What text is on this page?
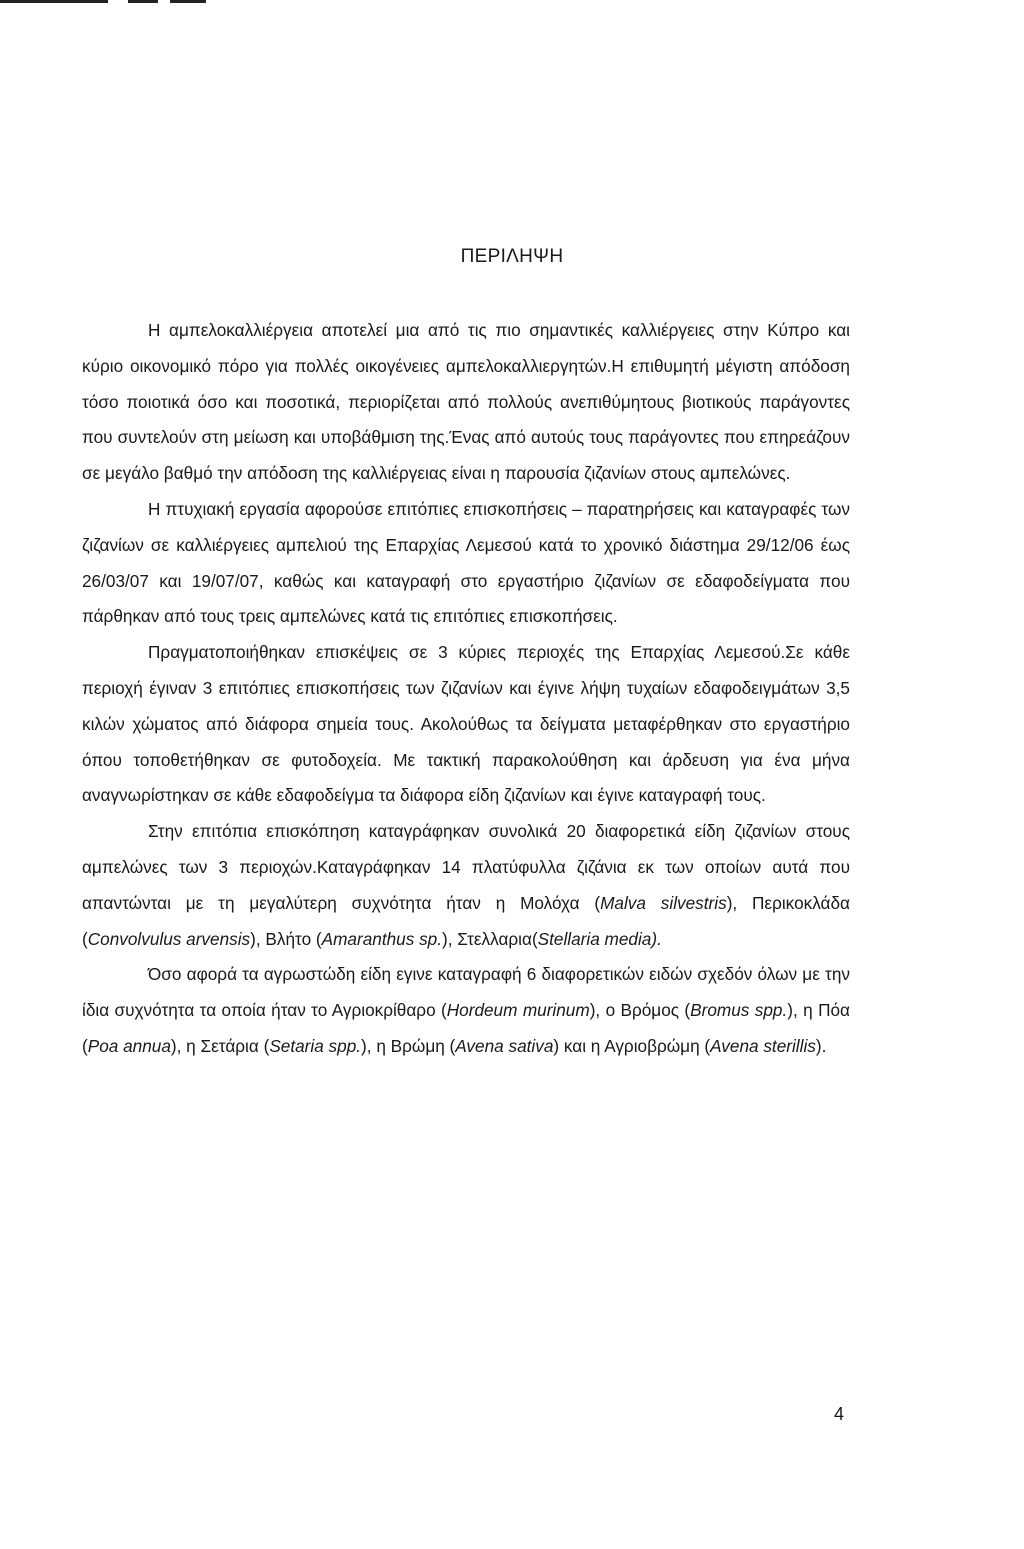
ΠΕΡΙΛΗΨΗ

Η αμπελοκαλλιέργεια αποτελεί μια από τις πιο σημαντικές καλλιέργειες στην Κύπρο και κύριο οικονομικό πόρο για πολλές οικογένειες αμπελοκαλλιεργητών.Η επιθυμητή μέγιστη απόδοση τόσο ποιοτικά όσο και ποσοτικά, περιορίζεται από πολλούς ανεπιθύμητους βιοτικούς παράγοντες που συντελούν στη μείωση και υποβάθμιση της.Ένας από αυτούς τους παράγοντες που επηρεάζουν σε μεγάλο βαθμό την απόδοση της καλλιέργειας είναι η παρουσία ζιζανίων στους αμπελώνες.

Η πτυχιακή εργασία αφορούσε επιτόπιες επισκοπήσεις – παρατηρήσεις και καταγραφές των ζιζανίων σε καλλιέργειες αμπελιού της Επαρχίας Λεμεσού κατά το χρονικό διάστημα 29/12/06 έως 26/03/07 και 19/07/07, καθώς και καταγραφή στο εργαστήριο ζιζανίων σε εδαφοδείγματα που πάρθηκαν από τους τρεις αμπελώνες κατά τις επιτόπιες επισκοπήσεις.

Πραγματοποιήθηκαν επισκέψεις σε 3 κύριες περιοχές της Επαρχίας Λεμεσού.Σε κάθε περιοχή έγιναν 3 επιτόπιες επισκοπήσεις των ζιζανίων και έγινε λήψη τυχαίων εδαφοδειγμάτων 3,5 κιλών χώματος από διάφορα σημεία τους. Ακολούθως τα δείγματα μεταφέρθηκαν στο εργαστήριο όπου τοποθετήθηκαν σε φυτοδοχεία. Με τακτική παρακολούθηση και άρδευση για ένα μήνα αναγνωρίστηκαν σε κάθε εδαφοδείγμα τα διάφορα είδη ζιζανίων και έγινε καταγραφή τους.

Στην επιτόπια επισκόπηση καταγράφηκαν συνολικά 20 διαφορετικά είδη ζιζανίων στους αμπελώνες των 3 περιοχών.Καταγράφηκαν 14 πλατύφυλλα ζιζάνια εκ των οποίων αυτά που απαντώνται με τη μεγαλύτερη συχνότητα ήταν η Μολόχα (Malva silvestris), Περικοκλάδα (Convolvulus arvensis), Βλήτο (Amaranthus sp.), Στελλαρια(Stellaria media).

Όσο αφορά τα αγρωστώδη είδη εγινε καταγραφή 6 διαφορετικών ειδών σχεδόν όλων με την ίδια συχνότητα τα οποία ήταν το Αγριοκρίθαρο (Hordeum murinum), ο Βρόμος (Bromus spp.), η Πόα (Poa annua), η Σετάρια (Setaria spp.), η Βρώμη (Avena sativa) και η Αγριοβρώμη (Avena sterillis).

4
